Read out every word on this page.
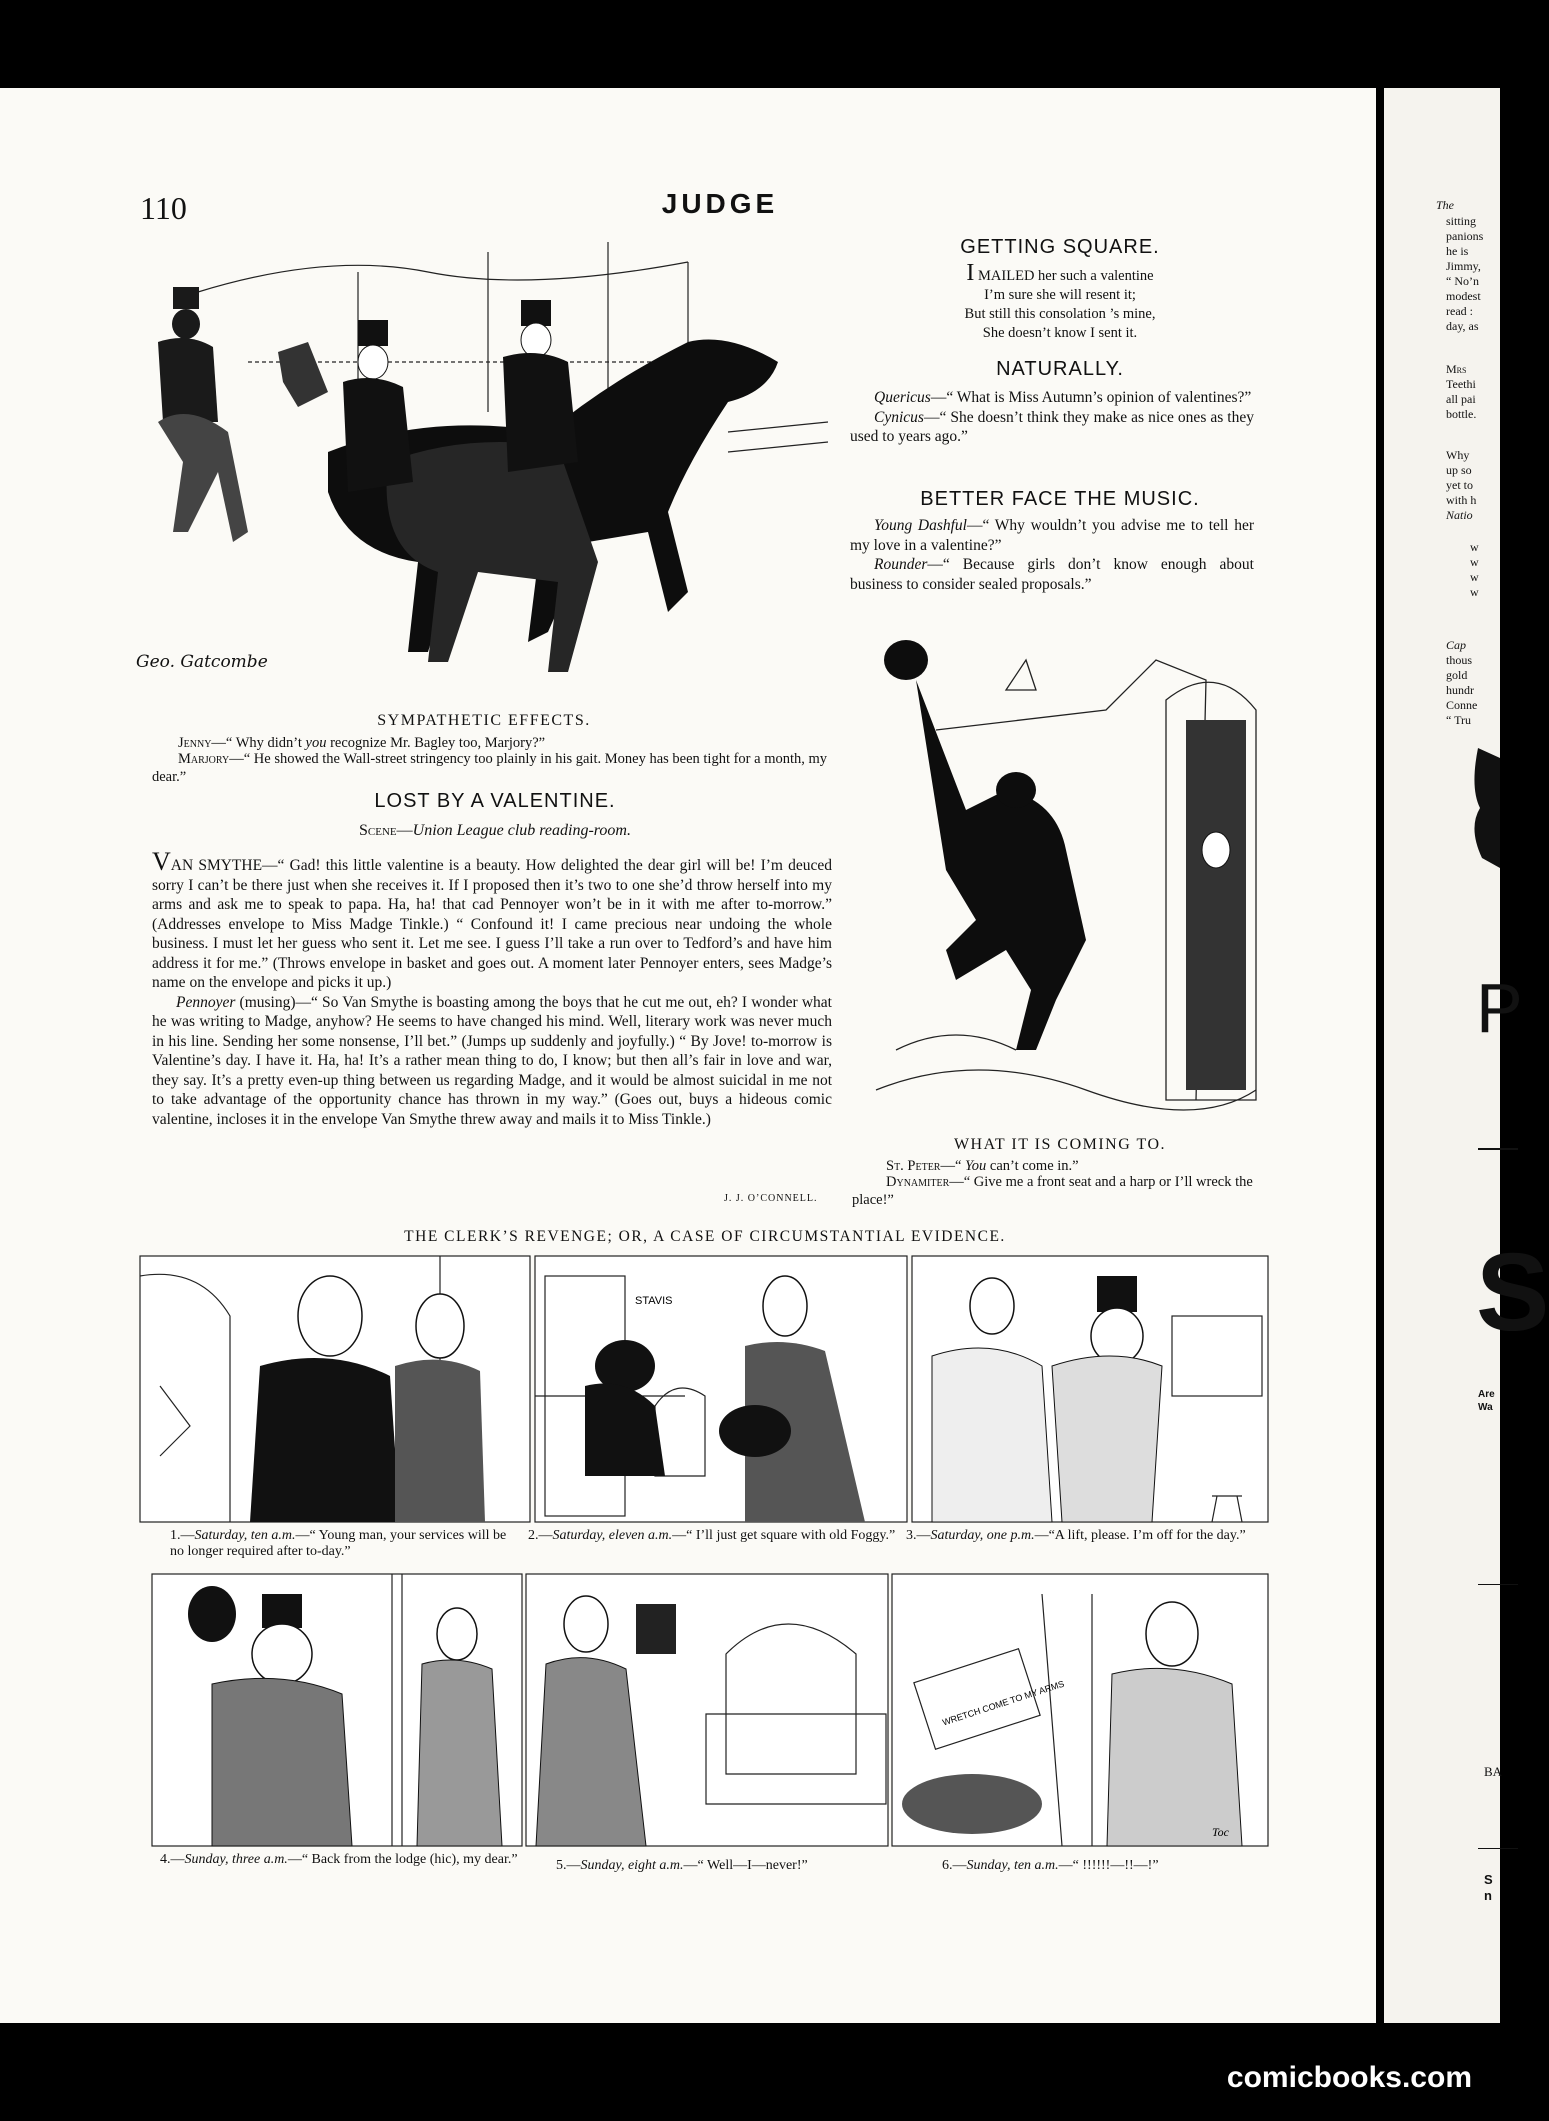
110	JUDGE
Geo. Gatcombe
SYMPATHETIC EFFECTS.
Jenny—“ Why didn’t you recognize Mr. Bagley too, Marjory?”
Marjory—“ He showed the Wall-street stringency too plainly in his gait. Money has been tight for a month, my dear.”
LOST BY A VALENTINE.
Scene—Union League club reading-room.

VAN SMYTHE—“ Gad! this little valentine is a beauty. How delighted the dear girl will be! I’m deuced sorry I can’t be there just when she receives it. If I proposed then it’s two to one she’d throw herself into my arms and ask me to speak to papa. Ha, ha! that cad Pennoyer won’t be in it with me after to-morrow.” (Addresses envelope to Miss Madge Tinkle.) “ Confound it! I came precious near undoing the whole business. I must let her guess who sent it. Let me see. I guess I’ll take a run over to Tedford’s and have him address it for me.” (Throws envelope in basket and goes out. A moment later Pennoyer enters, sees Madge’s name on the envelope and picks it up.)

Pennoyer (musing)—“ So Van Smythe is boasting among the boys that he cut me out, eh? I wonder what he was writing to Madge, anyhow? He seems to have changed his mind. Well, literary work was never much in his line. Sending her some nonsense, I’ll bet.” (Jumps up suddenly and joyfully.) “ By Jove! to-morrow is Valentine’s day. I have it. Ha, ha! It’s a rather mean thing to do, I know; but then all’s fair in love and war, they say. It’s a pretty even-up thing between us regarding Madge, and it would be almost suicidal in me not to take advantage of the opportunity chance has thrown in my way.” (Goes out, buys a hideous comic valentine, incloses it in the envelope Van Smythe threw away and mails it to Miss Tinkle.)

J. J. O’CONNELL.
GETTING SQUARE.
I MAILED her such a valentine
I’m sure she will resent it;
But still this consolation ’s mine,
She doesn’t know I sent it.
NATURALLY.

Quericus—“ What is Miss Autumn’s opinion of valentines?”

Cynicus—“ She doesn’t think they make as nice ones as they used to years ago.”

BETTER FACE THE MUSIC.

Young Dashful—“ Why wouldn’t you advise me to tell her my love in a valentine?”

Rounder—“ Because girls don’t know enough about business to consider sealed proposals.”

WHAT IT IS COMING TO.
St. Peter—“ You can’t come in.”
Dynamiter—“ Give me a front seat and a harp or I’ll wreck the place!”
THE CLERK’S REVENGE; OR, A CASE OF CIRCUMSTANTIAL EVIDENCE.
STAVIS
1.—Saturday, ten a.m.—“ Young man, your services will be no longer required after to-day.”
2.—Saturday, eleven a.m.—“ I’ll just get square with old Foggy.” 3.—Saturday, one p.m.—“A lift, please. I’m off for the day.”
WRETCH COME TO MY ARMS
Toc
4.—Sunday, three a.m.—“ Back from the lodge (hic), my dear.”	5.—Sunday, eight a.m.—“ Well—I—never!”	6.—Sunday, ten a.m.—“ !!!!!!—!!—!”
The
sitting
panions
he is
Jimmy,
“ No’n
modest
read :
day, as
Mrs
Teethi
all pai
bottle.
Why
up so
yet to
with h
Natio
w
w
w
w
Cap
thous
gold
hundr
Conne
“ Tru
P
S
Are
Wa
BA
S
n
comicbooks.com
